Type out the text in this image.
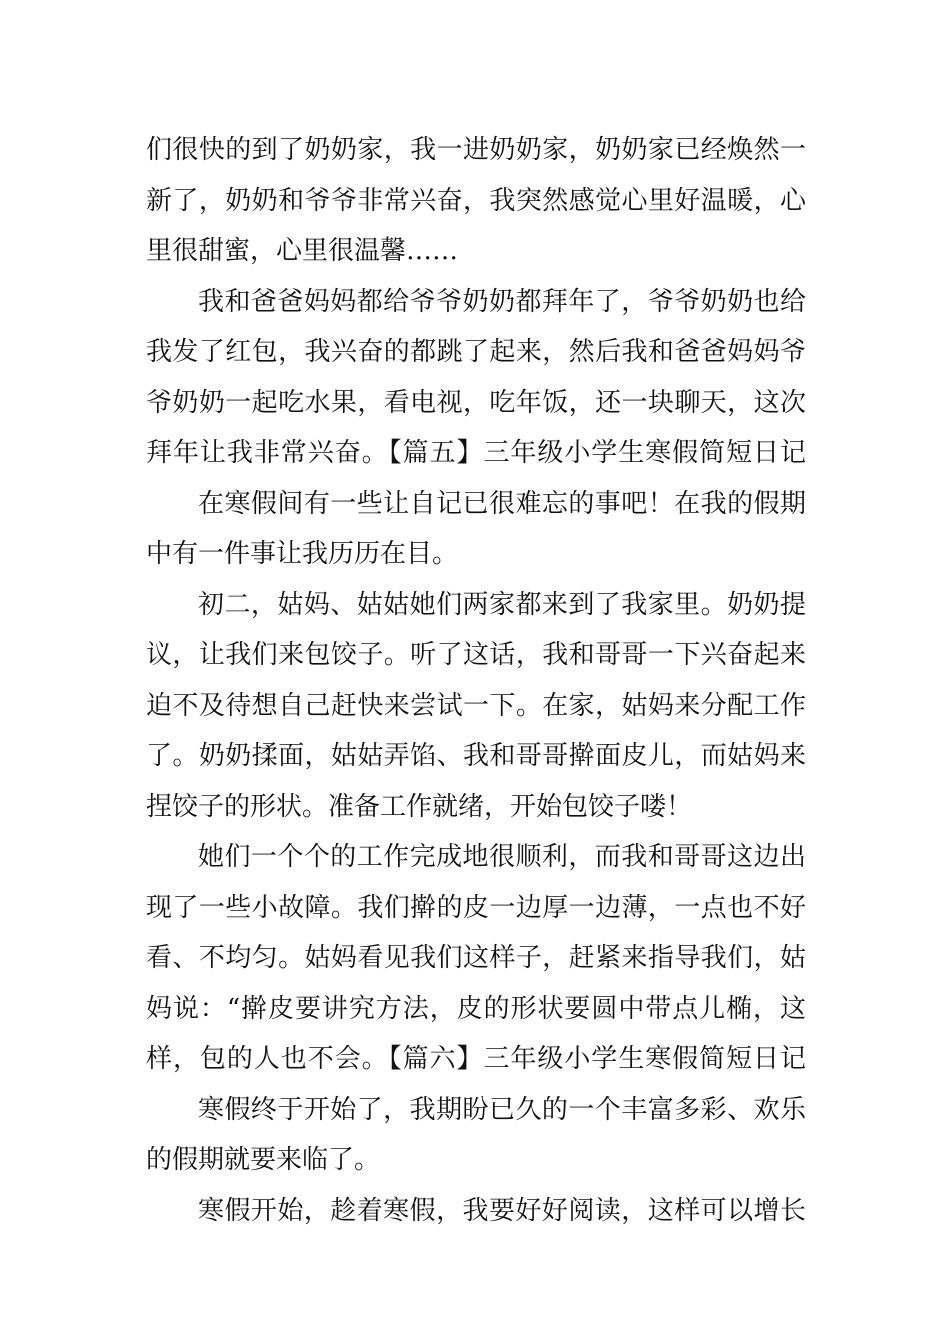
们很快的到了奶奶家，我一进奶奶家，奶奶家已经焕然一
新了，奶奶和爷爷非常兴奋，我突然感觉心里好温暖，心
里很甜蜜，心里很温馨……
我和爸爸妈妈都给爷爷奶奶都拜年了，爷爷奶奶也给
我发了红包，我兴奋的都跳了起来，然后我和爸爸妈妈爷
爷奶奶一起吃水果，看电视，吃年饭，还一块聊天，这次
拜年让我非常兴奋。【篇五】三年级小学生寒假简短日记
在寒假间有一些让自记已很难忘的事吧！在我的假期
中有一件事让我历历在目。
初二，姑妈、姑姑她们两家都来到了我家里。奶奶提
议，让我们来包饺子。听了这话，我和哥哥一下兴奋起来
迫不及待想自己赶快来尝试一下。在家，姑妈来分配工作
了。奶奶揉面，姑姑弄馅、我和哥哥擀面皮儿，而姑妈来
捏饺子的形状。准备工作就绪，开始包饺子喽！
她们一个个的工作完成地很顺利，而我和哥哥这边出
现了一些小故障。我们擀的皮一边厚一边薄，一点也不好
看、不均匀。姑妈看见我们这样子，赶紧来指导我们，姑
妈说：“擀皮要讲究方法，皮的形状要圆中带点儿椭，这
样，包的人也不会。【篇六】三年级小学生寒假简短日记
寒假终于开始了，我期盼已久的一个丰富多彩、欢乐
的假期就要来临了。
寒假开始，趁着寒假，我要好好阅读，这样可以增长
